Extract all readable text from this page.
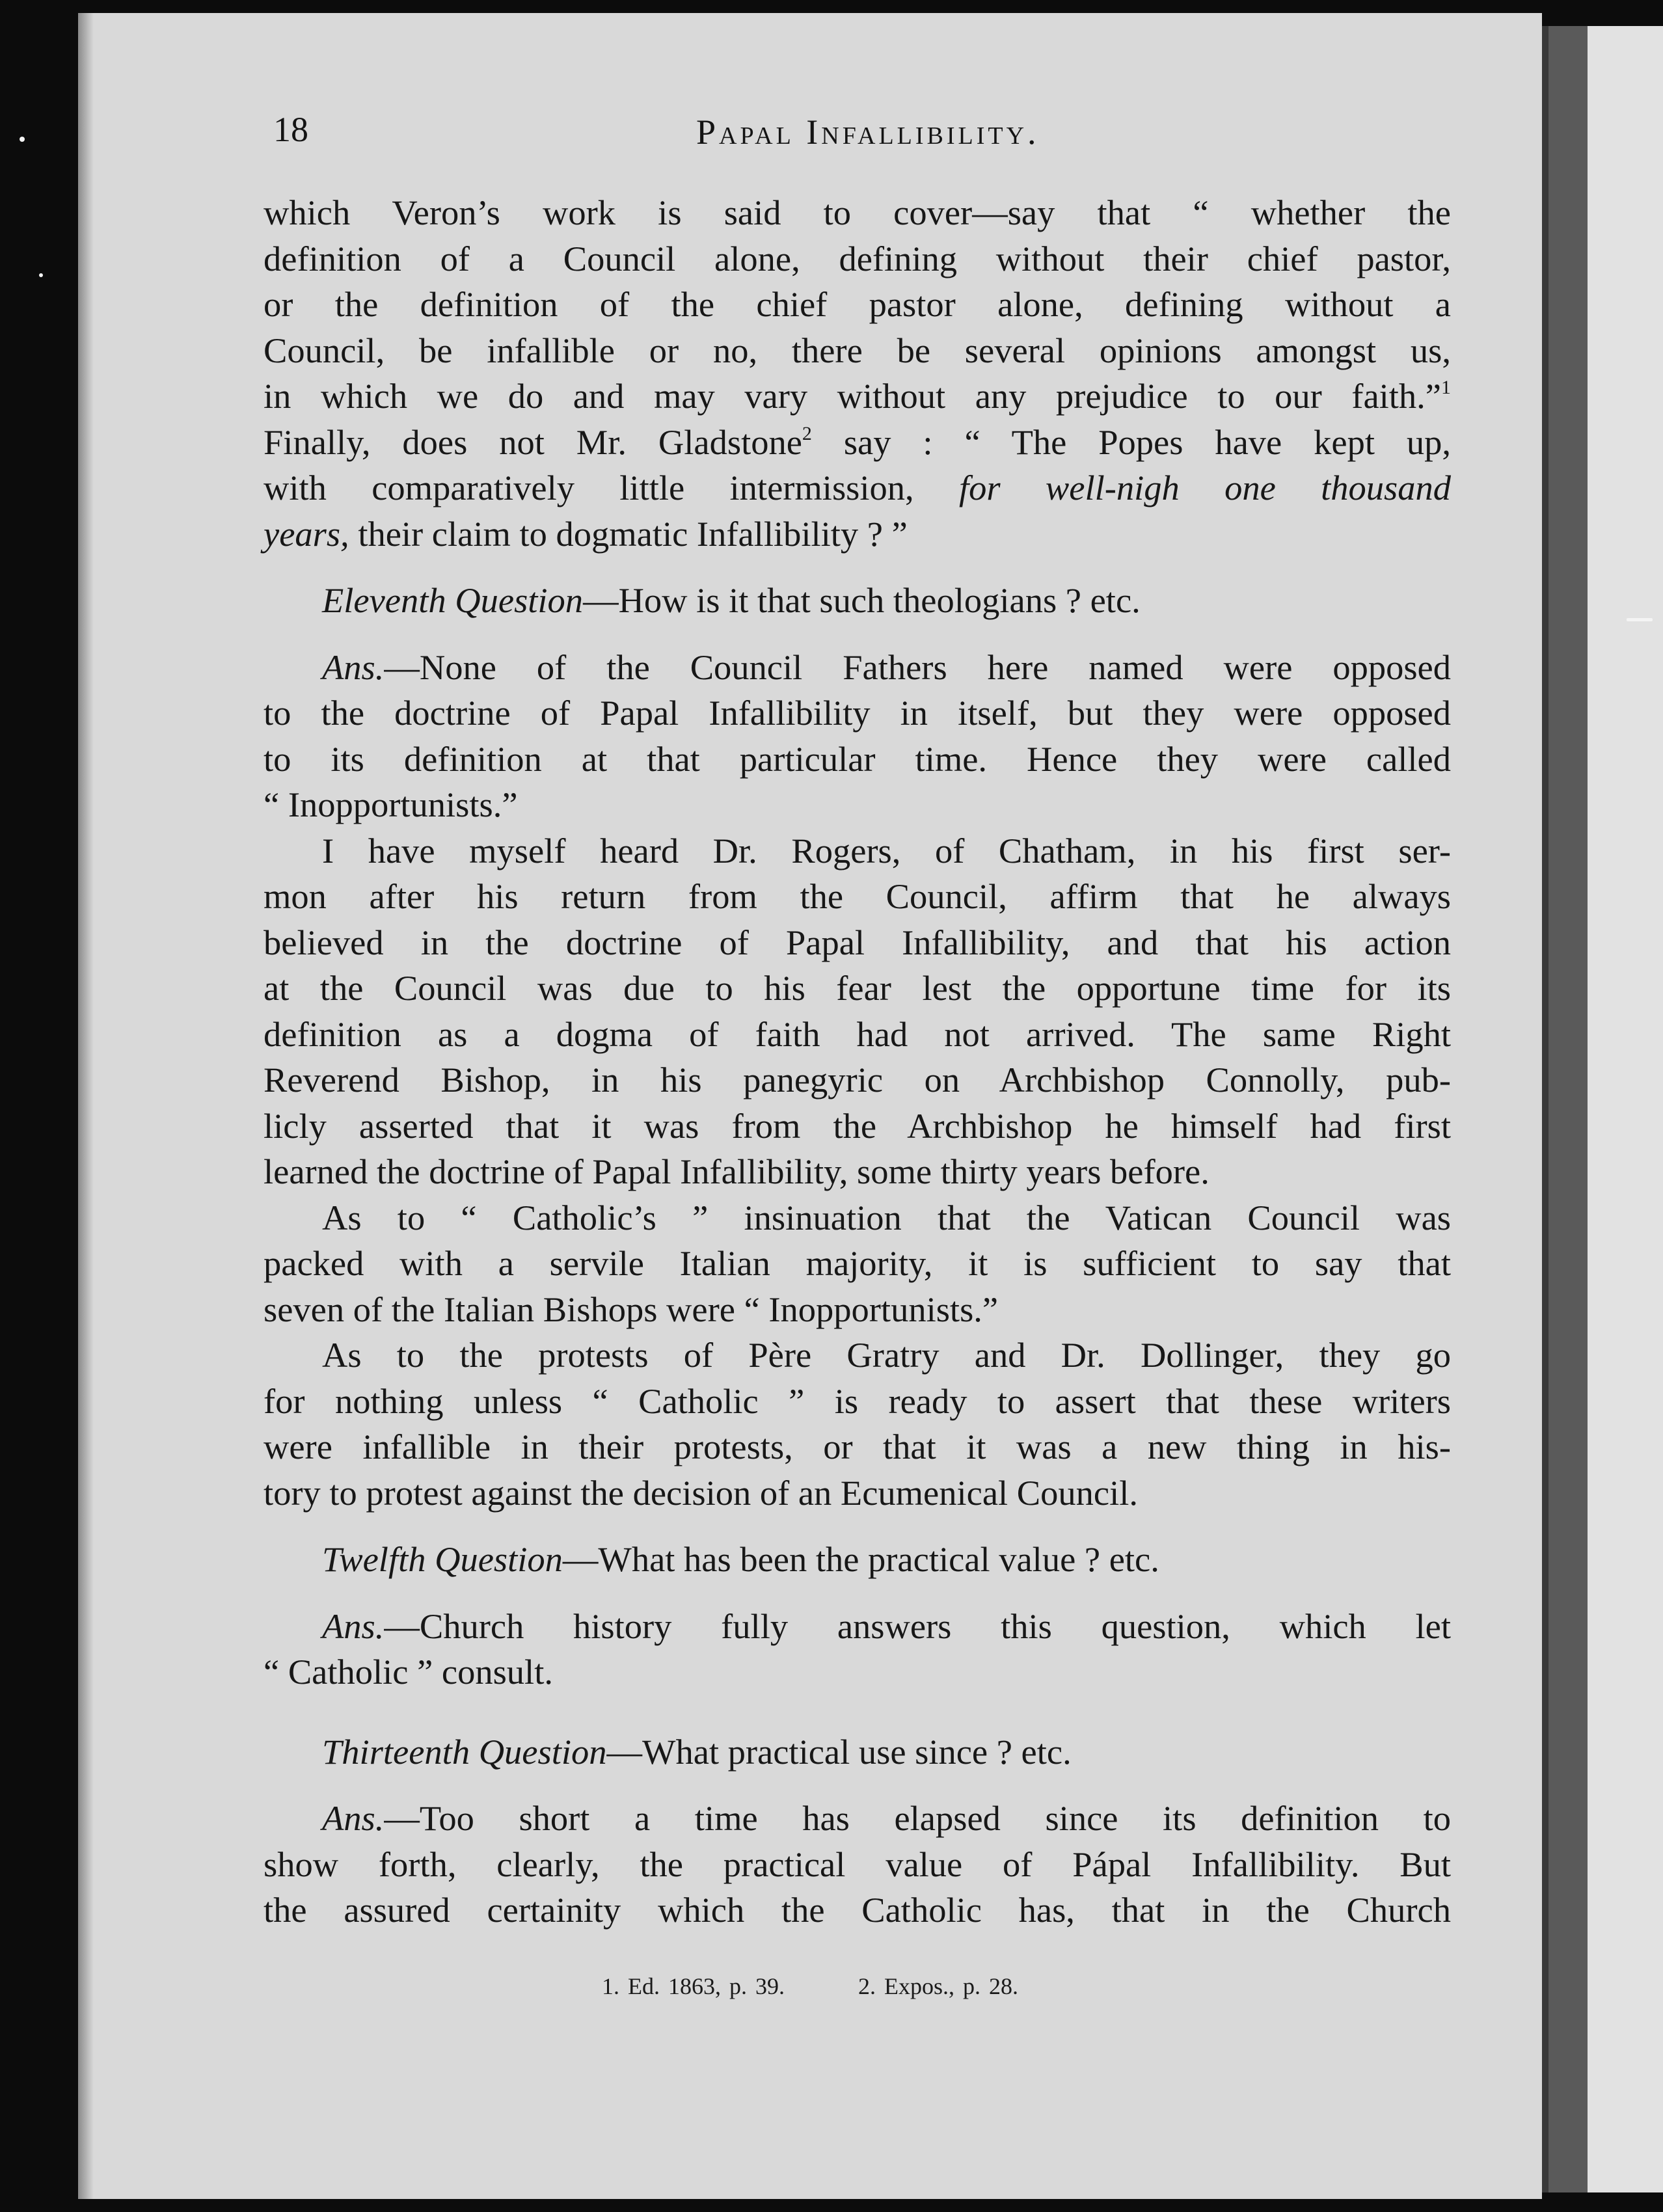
18	Papal Infallibility.

which Veron’s work is said to cover—say that “ whether the

definition of a Council alone, defining without their chief pastor,

or the definition of the chief pastor alone, defining without a

Council, be infallible or no, there be several opinions amongst us,

in which we do and may vary without any prejudice to our faith.”$^1$

Finally, does not Mr. Gladstone$^2$ say : “ The Popes have kept up,

with comparatively little intermission, for well-nigh one thousand

years, their claim to dogmatic Infallibility ? ”

Eleventh Question—How is it that such theologians ? etc.

Ans.—None of the Council Fathers here named were opposed

to the doctrine of Papal Infallibility in itself, but they were opposed

to its definition at that particular time. Hence they were called

“ Inopportunists.”

I have myself heard Dr. Rogers, of Chatham, in his first ser-

mon after his return from the Council, affirm that he always

believed in the doctrine of Papal Infallibility, and that his action

at the Council was due to his fear lest the opportune time for its

definition as a dogma of faith had not arrived. The same Right

Reverend Bishop, in his panegyric on Archbishop Connolly, pub-

licly asserted that it was from the Archbishop he himself had first

learned the doctrine of Papal Infallibility, some thirty years before.

As to “ Catholic’s ” insinuation that the Vatican Council was

packed with a servile Italian majority, it is sufficient to say that

seven of the Italian Bishops were “ Inopportunists.”

As to the protests of Père Gratry and Dr. Dollinger, they go

for nothing unless “ Catholic ” is ready to assert that these writers

were infallible in their protests, or that it was a new thing in his-

tory to protest against the decision of an Ecumenical Council.

Twelfth Question—What has been the practical value ? etc.

Ans.—Church history fully answers this question, which let

“ Catholic ” consult.

Thirteenth Question—What practical use since ? etc.

Ans.—Too short a time has elapsed since its definition to

show forth, clearly, the practical value of Pápal Infallibility. But

the assured certainity which the Catholic has, that in the Church

1. Ed. 1863, p. 39.	2. Expos., p. 28.
